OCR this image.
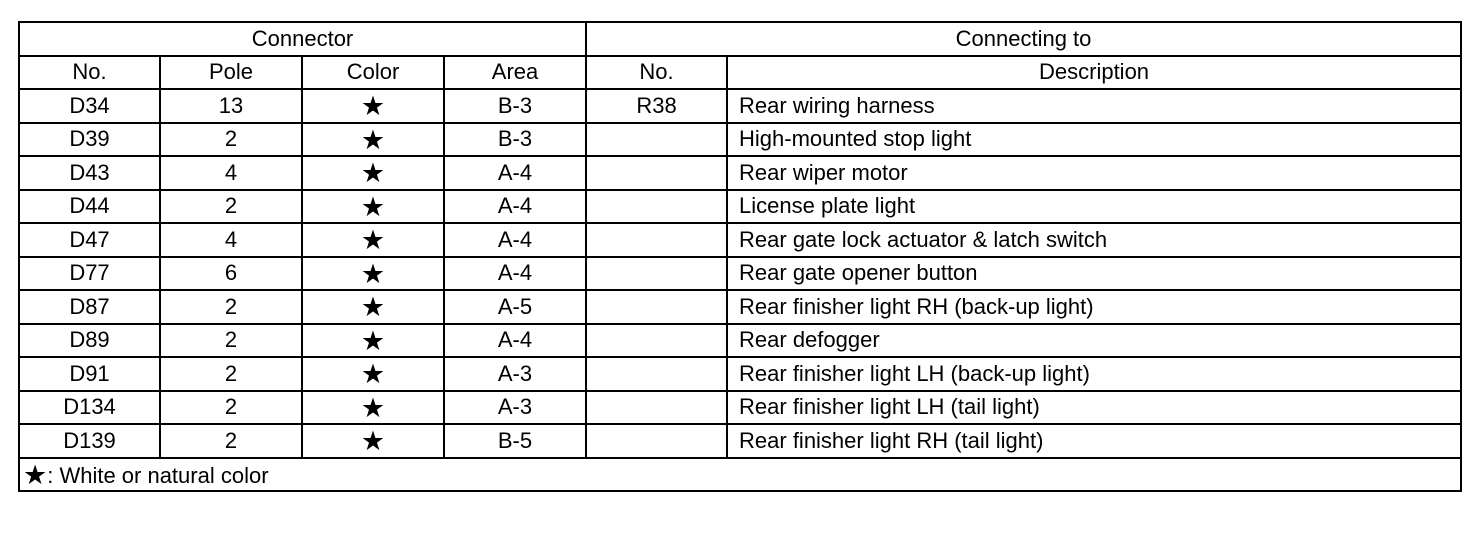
Connector				Connecting to	
No.	Pole	Color	Area	No.	Description
D34	13	★	B-3	R38	Rear wiring harness
D39	2	★	B-3		High-mounted stop light
D43	4	★	A-4		Rear wiper motor
D44	2	★	A-4		License plate light
D47	4	★	A-4		Rear gate lock actuator & latch switch
D77	6	★	A-4		Rear gate opener button
D87	2	★	A-5		Rear finisher light RH (back-up light)
D89	2	★	A-4		Rear defogger
D91	2	★	A-3		Rear finisher light LH (back-up light)
D134	2	★	A-3		Rear finisher light LH (tail light)
D139	2	★	B-5		Rear finisher light RH (tail light)
★: White or natural color					
